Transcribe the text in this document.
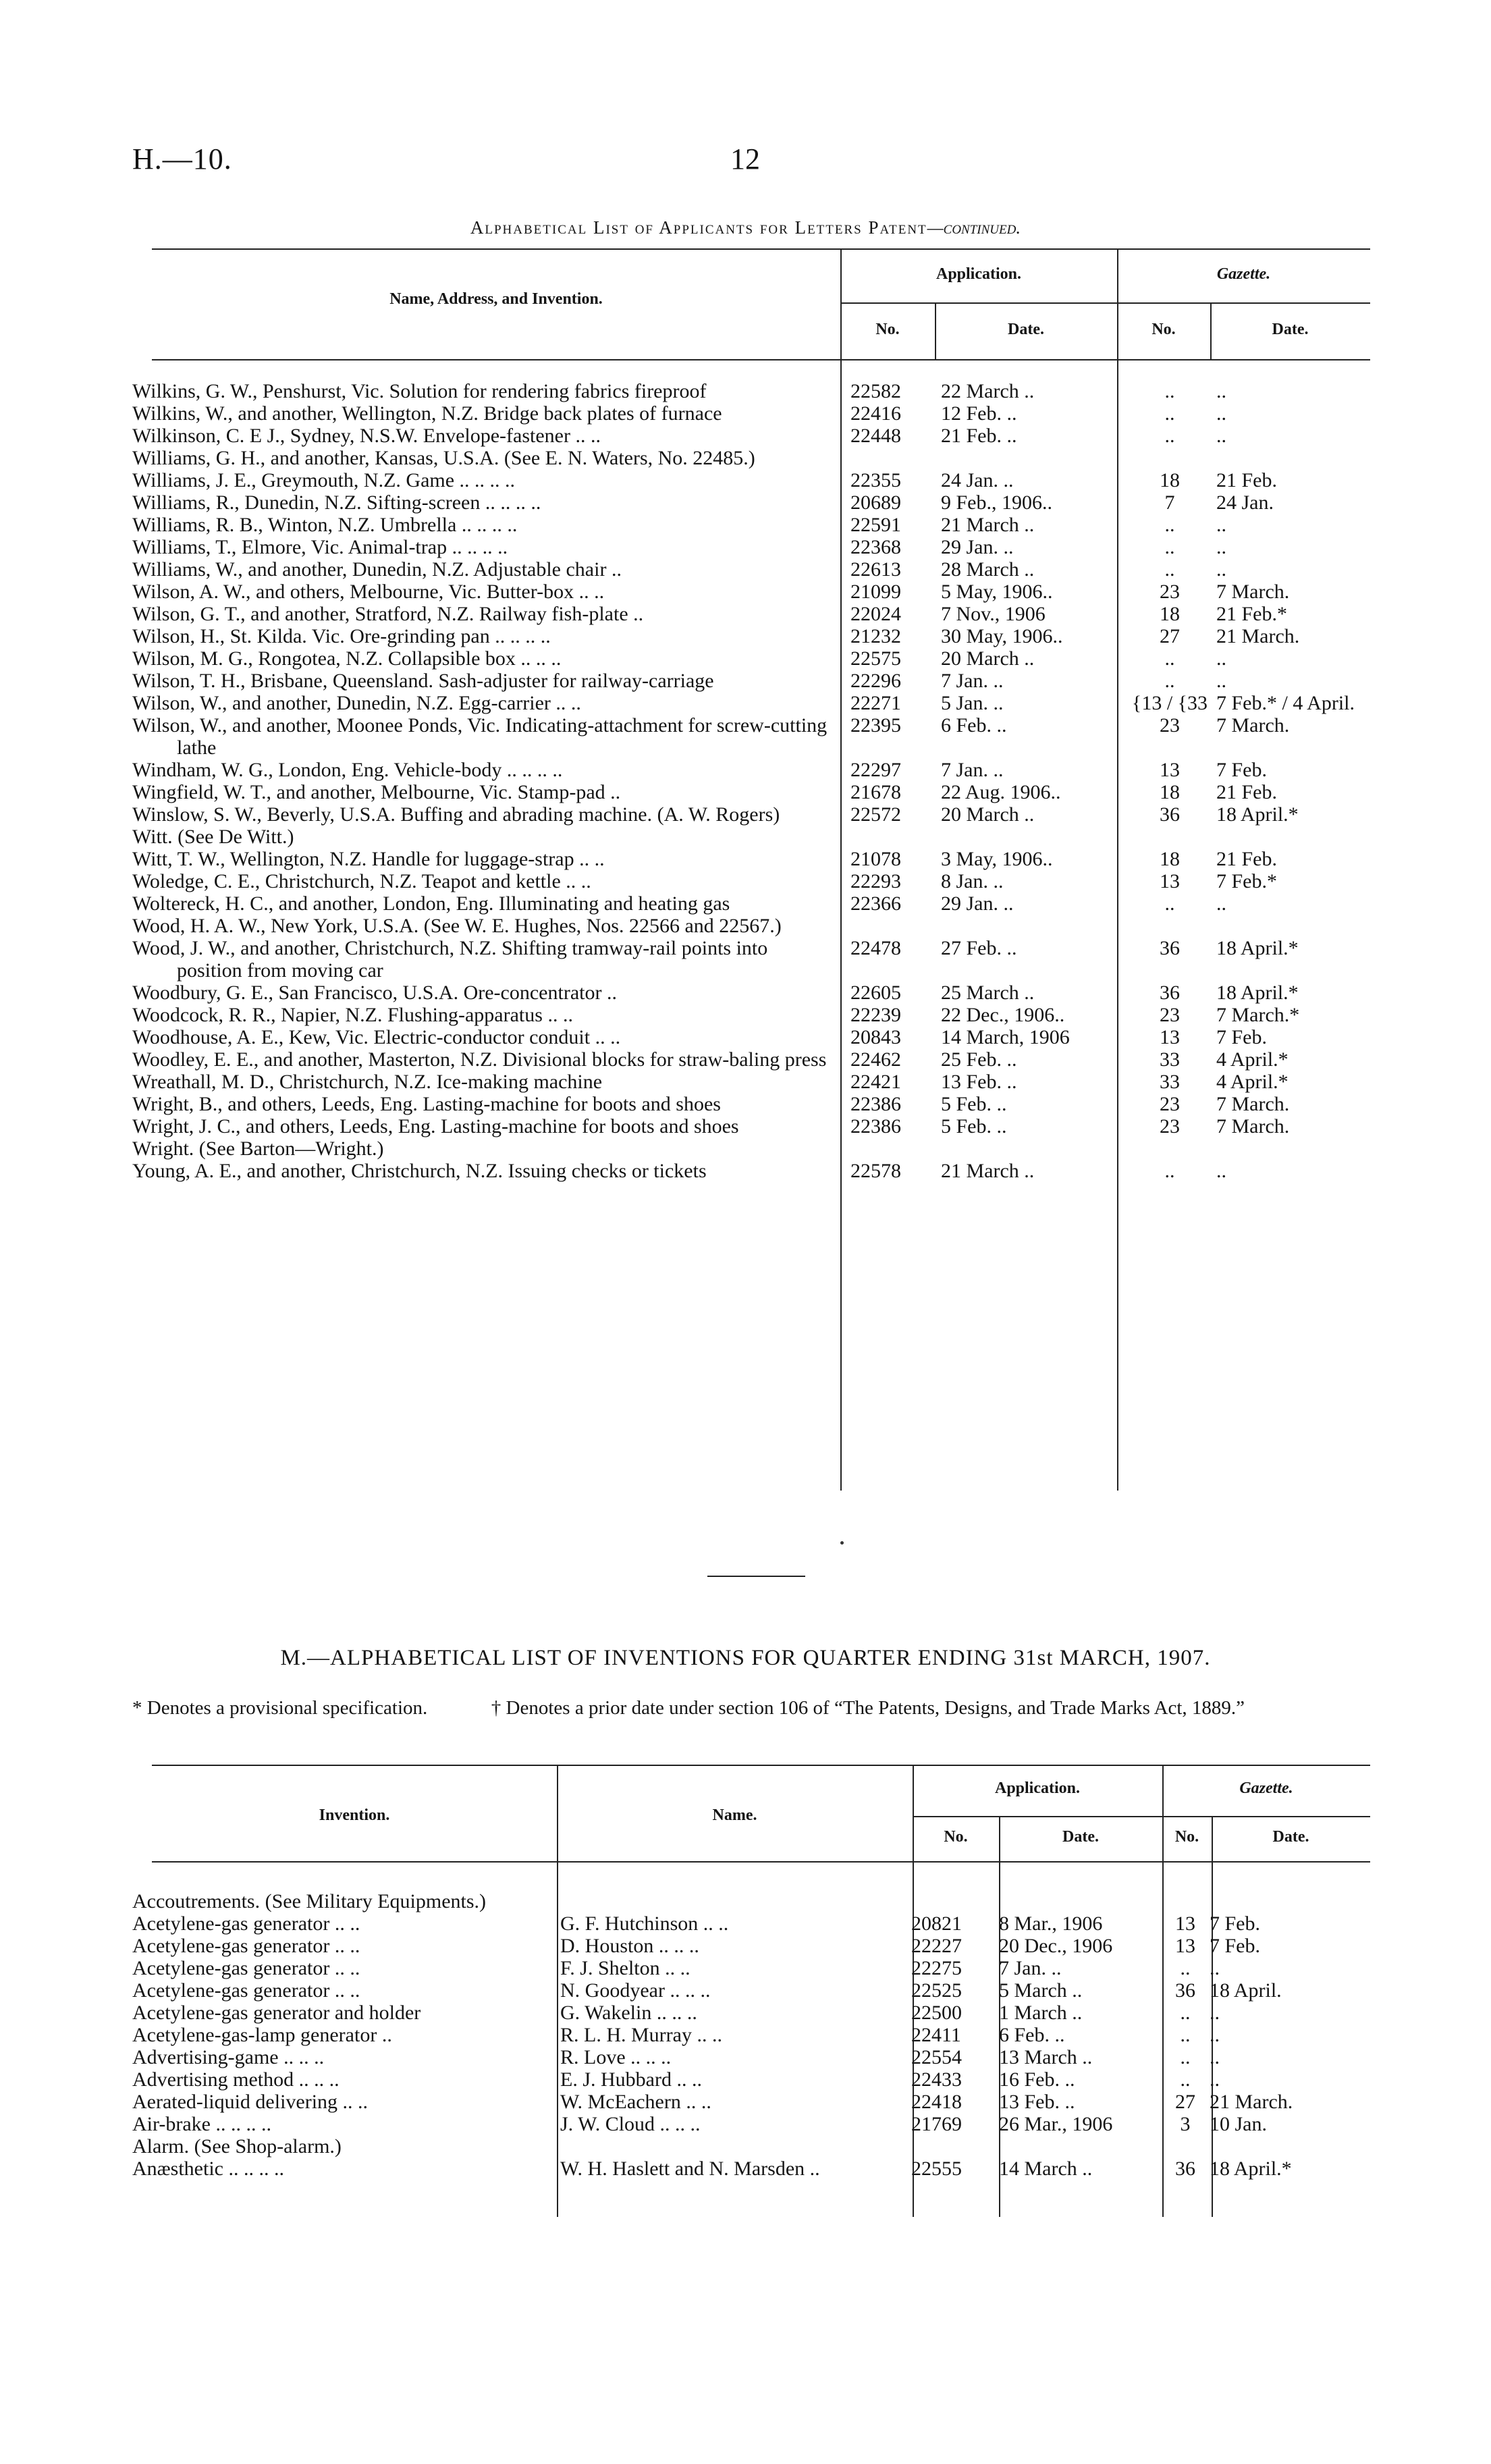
H.—10.	12
Alphabetical List of Applicants for Letters Patent—continued.
Name, Address, and Invention.
Application.	Gazette.
No.	Date.	No.	Date.
Wilkins, G. W., Penshurst, Vic. Solution for rendering fabrics fireproof		22582	22 March ..	..	..
Wilkins, W., and another, Wellington, N.Z. Bridge back plates of furnace		22416	12 Feb. ..	..	..
Wilkinson, C. E J., Sydney, N.S.W. Envelope-fastener .. ..		22448	21 Feb. ..	..	..
Williams, G. H., and another, Kansas, U.S.A. (See E. N. Waters, No. 22485.)					
Williams, J. E., Greymouth, N.Z. Game .. .. .. ..		22355	24 Jan. ..	18	21 Feb.
Williams, R., Dunedin, N.Z. Sifting-screen .. .. .. ..		20689	9 Feb., 1906..	7	24 Jan.
Williams, R. B., Winton, N.Z. Umbrella .. .. .. ..		22591	21 March ..	..	..
Williams, T., Elmore, Vic. Animal-trap .. .. .. ..		22368	29 Jan. ..	..	..
Williams, W., and another, Dunedin, N.Z. Adjustable chair ..		22613	28 March ..	..	..
Wilson, A. W., and others, Melbourne, Vic. Butter-box .. ..		21099	5 May, 1906..	23	7 March.
Wilson, G. T., and another, Stratford, N.Z. Railway fish-plate ..		22024	7 Nov., 1906	18	21 Feb.*
Wilson, H., St. Kilda. Vic. Ore-grinding pan .. .. .. ..		21232	30 May, 1906..	27	21 March.
Wilson, M. G., Rongotea, N.Z. Collapsible box .. .. ..		22575	20 March ..	..	..
Wilson, T. H., Brisbane, Queensland. Sash-adjuster for railway-carriage		22296	7 Jan. ..	..	..
Wilson, W., and another, Dunedin, N.Z. Egg-carrier .. ..		22271	5 Jan. ..	{13 / {33	7 Feb.* / 4 April.
Wilson, W., and another, Moonee Ponds, Vic. Indicating-attachment for screw-cutting lathe		22395	6 Feb. ..	23	7 March.
Windham, W. G., London, Eng. Vehicle-body .. .. .. ..		22297	7 Jan. ..	13	7 Feb.
Wingfield, W. T., and another, Melbourne, Vic. Stamp-pad ..		21678	22 Aug. 1906..	18	21 Feb.
Winslow, S. W., Beverly, U.S.A. Buffing and abrading machine. (A. W. Rogers)		22572	20 March ..	36	18 April.*
Witt. (See De Witt.)					
Witt, T. W., Wellington, N.Z. Handle for luggage-strap .. ..		21078	3 May, 1906..	18	21 Feb.
Woledge, C. E., Christchurch, N.Z. Teapot and kettle .. ..		22293	8 Jan. ..	13	7 Feb.*
Woltereck, H. C., and another, London, Eng. Illuminating and heating gas		22366	29 Jan. ..	..	..
Wood, H. A. W., New York, U.S.A. (See W. E. Hughes, Nos. 22566 and 22567.)					
Wood, J. W., and another, Christchurch, N.Z. Shifting tramway-rail points into position from moving car		22478	27 Feb. ..	36	18 April.*
Woodbury, G. E., San Francisco, U.S.A. Ore-concentrator ..		22605	25 March ..	36	18 April.*
Woodcock, R. R., Napier, N.Z. Flushing-apparatus .. ..		22239	22 Dec., 1906..	23	7 March.*
Woodhouse, A. E., Kew, Vic. Electric-conductor conduit .. ..		20843	14 March, 1906	13	7 Feb.
Woodley, E. E., and another, Masterton, N.Z. Divisional blocks for straw-baling press		22462	25 Feb. ..	33	4 April.*
Wreathall, M. D., Christchurch, N.Z. Ice-making machine		22421	13 Feb. ..	33	4 April.*
Wright, B., and others, Leeds, Eng. Lasting-machine for boots and shoes		22386	5 Feb. ..	23	7 March.
Wright, J. C., and others, Leeds, Eng. Lasting-machine for boots and shoes		22386	5 Feb. ..	23	7 March.
Wright. (See Barton—Wright.)					
Young, A. E., and another, Christchurch, N.Z. Issuing checks or tickets		22578	21 March ..	..	..
M.—ALPHABETICAL LIST OF INVENTIONS FOR QUARTER ENDING 31st MARCH, 1907.
* Denotes a provisional specification.	† Denotes a prior date under section 106 of “The Patents, Designs, and Trade Marks Act, 1889.”
Invention.	Name.
Application.	Gazette.
No.	Date.	No.	Date.
Accoutrements. (See Military Equipments.)						
Acetylene-gas generator .. ..		G. F. Hutchinson .. ..	20821	8 Mar., 1906	13	7 Feb.
Acetylene-gas generator .. ..		D. Houston .. .. ..	22227	20 Dec., 1906	13	7 Feb.
Acetylene-gas generator .. ..		F. J. Shelton .. ..	22275	7 Jan. ..	..	..
Acetylene-gas generator .. ..		N. Goodyear .. .. ..	22525	5 March ..	36	18 April.
Acetylene-gas generator and holder		G. Wakelin .. .. ..	22500	1 March ..	..	..
Acetylene-gas-lamp generator ..		R. L. H. Murray .. ..	22411	6 Feb. ..	..	..
Advertising-game .. .. ..		R. Love .. .. ..	22554	13 March ..	..	..
Advertising method .. .. ..		E. J. Hubbard .. ..	22433	16 Feb. ..	..	..
Aerated-liquid delivering .. ..		W. McEachern .. ..	22418	13 Feb. ..	27	21 March.
Air-brake .. .. .. ..		J. W. Cloud .. .. ..	21769	26 Mar., 1906	3	10 Jan.
Alarm. (See Shop-alarm.)						
Anæsthetic .. .. .. ..		W. H. Haslett and N. Marsden ..	22555	14 March ..	36	18 April.*
